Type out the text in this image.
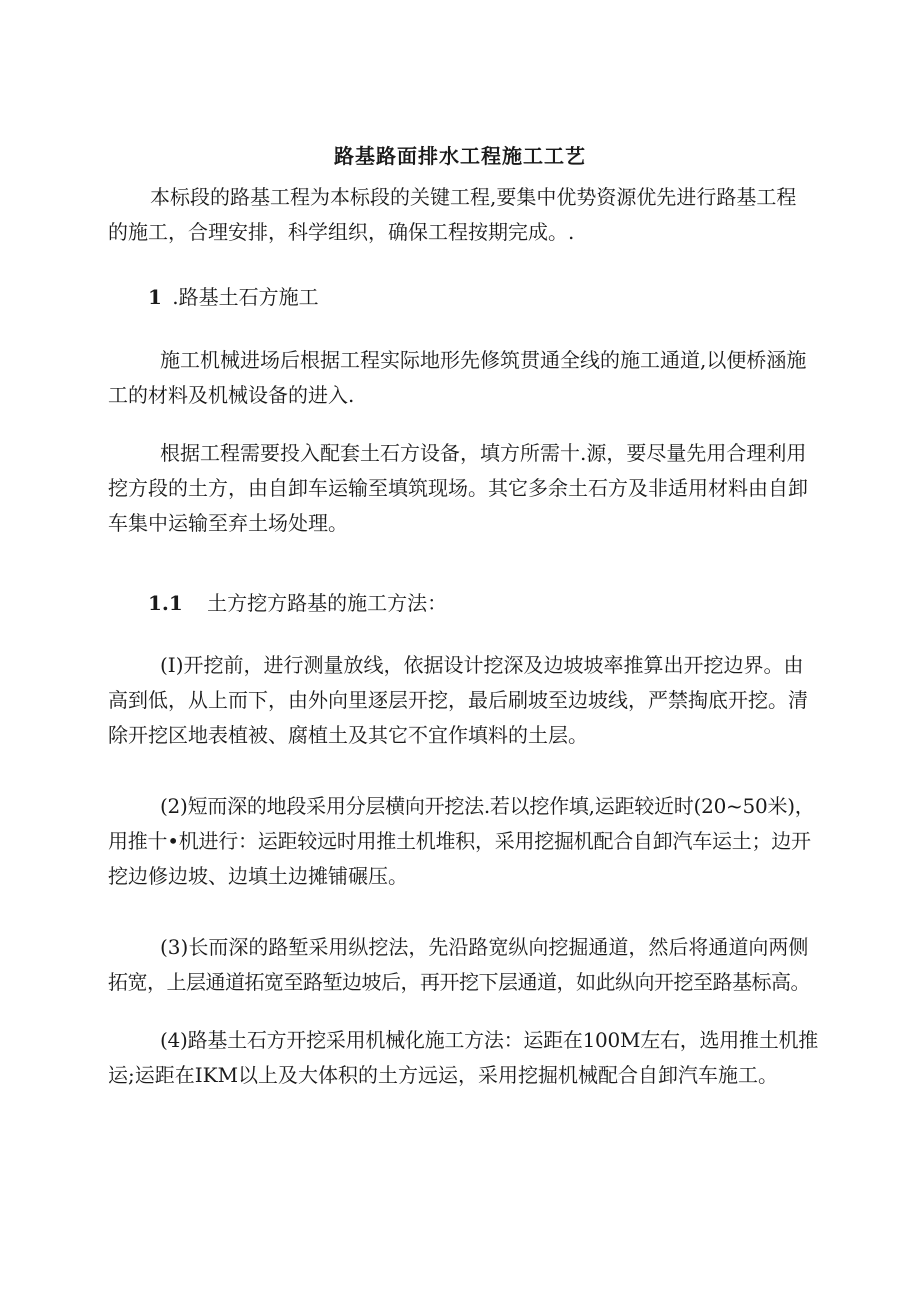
路基路面排水工程施工工艺

本标段的路基工程为本标段的关键工程,要集中优势资源优先进行路基工程
的施工，合理安排，科学组织，确保工程按期完成。.

1 .路基土石方施工

施工机械进场后根据工程实际地形先修筑贯通全线的施工通道,以便桥涵施
工的材料及机械设备的进入.

根据工程需要投入配套土石方设备，填方所需十.源，要尽量先用合理利用
挖方段的土方，由自卸车运输至填筑现场。其它多余土石方及非适用材料由自卸
车集中运输至弃土场处理。

1.1 土方挖方路基的施工方法：

(I)开挖前，进行测量放线，依据设计挖深及边坡坡率推算出开挖边界。由
高到低，从上而下，由外向里逐层开挖，最后刷坡至边坡线，严禁掏底开挖。清
除开挖区地表植被、腐植土及其它不宜作填料的土层。

(2)短而深的地段采用分层横向开挖法.若以挖作填,运距较近时(20~50米)，
用推十•机进行：运距较远时用推土机堆积，采用挖掘机配合自卸汽车运土；边开
挖边修边坡、边填土边摊铺碾压。

(3)长而深的路堑采用纵挖法，先沿路宽纵向挖掘通道，然后将通道向两侧
拓宽，上层通道拓宽至路堑边坡后，再开挖下层通道，如此纵向开挖至路基标高。

(4)路基土石方开挖采用机械化施工方法：运距在100M左右，选用推土机推
运;运距在IKM以上及大体积的土方远运，采用挖掘机械配合自卸汽车施工。
